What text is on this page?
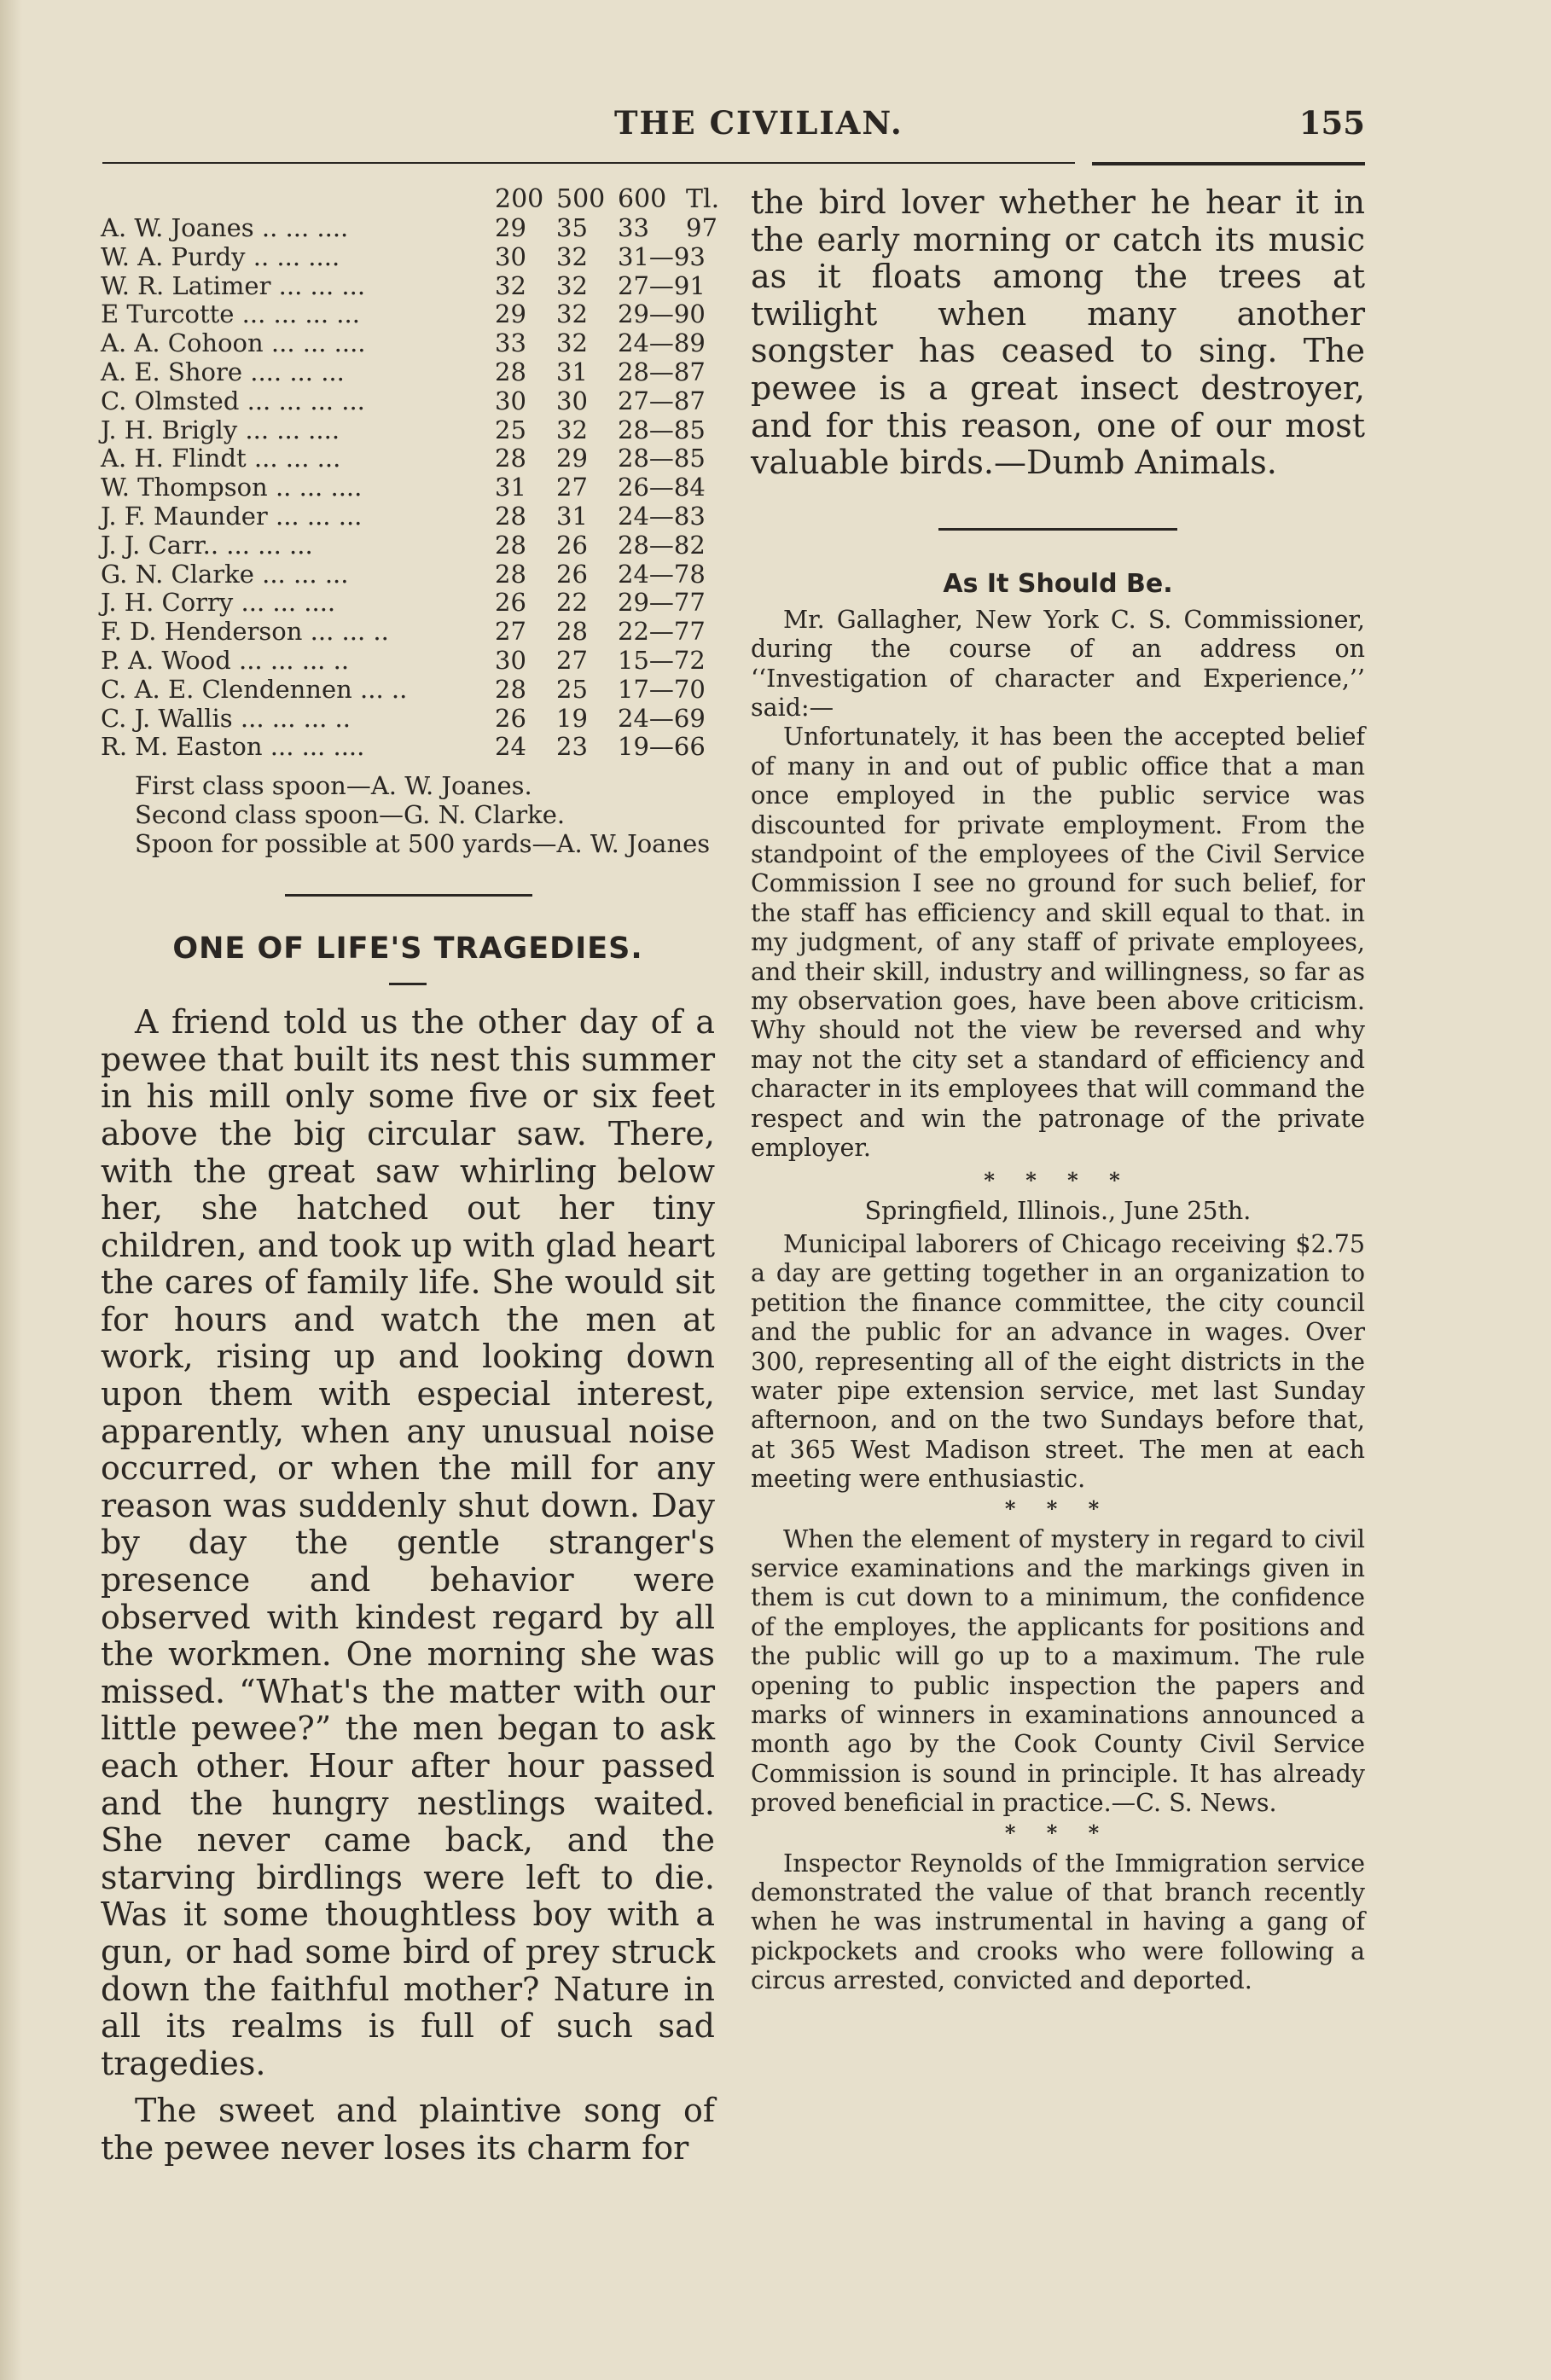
THE CIVILIAN.	155
200 500 600 Tl.
A. W. Joanes .. ... ....	29 35 33 97
W. A. Purdy .. ... ....	30 32 31—93
W. R. Latimer ... ... ...	32 32 27—91
E Turcotte ... ... ... ...	29 32 29—90
A. A. Cohoon ... ... ....	33 32 24—89
A. E. Shore .... ... ...	28 31 28—87
C. Olmsted ... ... ... ...	30 30 27—87
J. H. Brigly ... ... ....	25 32 28—85
A. H. Flindt ... ... ...	28 29 28—85
W. Thompson .. ... ....	31 27 26—84
J. F. Maunder ... ... ...	28 31 24—83
J. J. Carr.. ... ... ...	28 26 28—82
G. N. Clarke ... ... ...	28 26 24—78
J. H. Corry ... ... ....	26 22 29—77
F. D. Henderson ... ... ..	27 28 22—77
P. A. Wood ... ... ... ..	30 27 15—72
C. A. E. Clendennen ... ..	28 25 17—70
C. J. Wallis ... ... ... ..	26 19 24—69
R. M. Easton ... ... ....	24 23 19—66

First class spoon—A. W. Joanes.

Second class spoon—G. N. Clarke.

Spoon for possible at 500 yards—A. W. Joanes

ONE OF LIFE'S TRAGEDIES.

A friend told us the other day of a pewee that built its nest this summer in his mill only some five or six feet above the big circular saw. There, with the great saw whirling below her, she hatched out her tiny children, and took up with glad heart the cares of family life. She would sit for hours and watch the men at work, rising up and looking down upon them with especial interest, apparently, when any unusual noise occurred, or when the mill for any reason was suddenly shut down. Day by day the gentle stranger's presence and behavior were observed with kindest regard by all the workmen. One morning she was missed. “What's the matter with our little pewee?” the men began to ask each other. Hour after hour passed and the hungry nestlings waited. She never came back, and the starving birdlings were left to die. Was it some thoughtless boy with a gun, or had some bird of prey struck down the faithful mother? Nature in all its realms is full of such sad tragedies.

The sweet and plaintive song of the pewee never loses its charm for

the bird lover whether he hear it in the early morning or catch its music as it floats among the trees at twilight when many another songster has ceased to sing. The pewee is a great insect destroyer, and for this reason, one of our most valuable birds.—Dumb Animals.

As It Should Be.

Mr. Gallagher, New York C. S. Commissioner, during the course of an address on ‘‘Investigation of character and Experience,’’ said:—

Unfortunately, it has been the accepted belief of many in and out of public office that a man once employed in the public service was discounted for private employment. From the standpoint of the employees of the Civil Service Commission I see no ground for such belief, for the staff has efficiency and skill equal to that. in my judgment, of any staff of private employees, and their skill, industry and willingness, so far as my observation goes, have been above criticism. Why should not the view be reversed and why may not the city set a standard of efficiency and character in its employees that will command the respect and win the patronage of the private employer.

* * * *
Springfield, Illinois., June 25th.

Municipal laborers of Chicago receiving $2.75 a day are getting together in an organization to petition the finance committee, the city council and the public for an advance in wages. Over 300, representing all of the eight districts in the water pipe extension service, met last Sunday afternoon, and on the two Sundays before that, at 365 West Madison street. The men at each meeting were enthusiastic.

* * *

When the element of mystery in regard to civil service examinations and the markings given in them is cut down to a minimum, the confidence of the employes, the applicants for positions and the public will go up to a maximum. The rule opening to public inspection the papers and marks of winners in examinations announced a month ago by the Cook County Civil Service Commission is sound in principle. It has already proved beneficial in practice.—C. S. News.

* * *

Inspector Reynolds of the Immigration service demonstrated the value of that branch recently when he was instrumental in having a gang of pickpockets and crooks who were following a circus arrested, convicted and deported.
